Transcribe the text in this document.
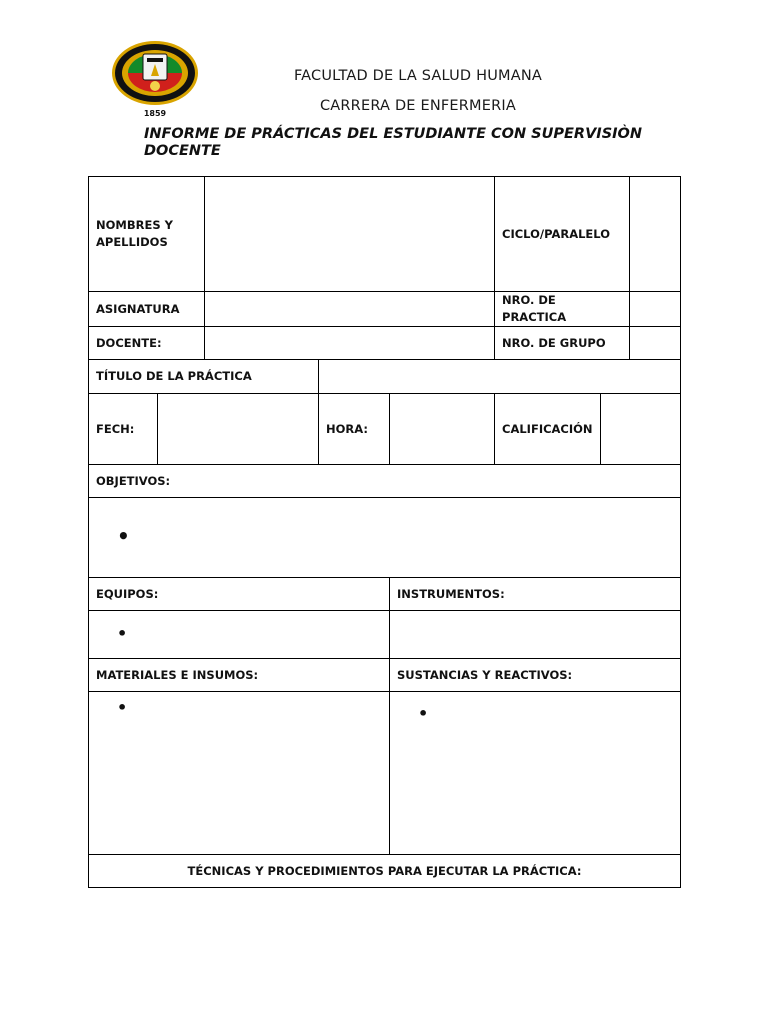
1859
FACULTAD DE LA SALUD HUMANA
CARRERA DE ENFERMERIA
INFORME DE PRÁCTICAS DEL ESTUDIANTE CON SUPERVISIÒN DOCENTE
NOMBRES Y APELLIDOS					CICLO/PARALELO		
ASIGNATURA					NRO. DE PRACTICA		
DOCENTE:					NRO. DE GRUPO		
TÍTULO DE LA PRÁCTICA							
FECH:			HORA:		CALIFICACIÓN		
OBJETIVOS:							
•							
EQUIPOS:				INSTRUMENTOS:			
•							
MATERIALES E INSUMOS:				SUSTANCIAS Y REACTIVOS:			
•				•			
TÉCNICAS Y PROCEDIMIENTOS PARA EJECUTAR LA PRÁCTICA:							
